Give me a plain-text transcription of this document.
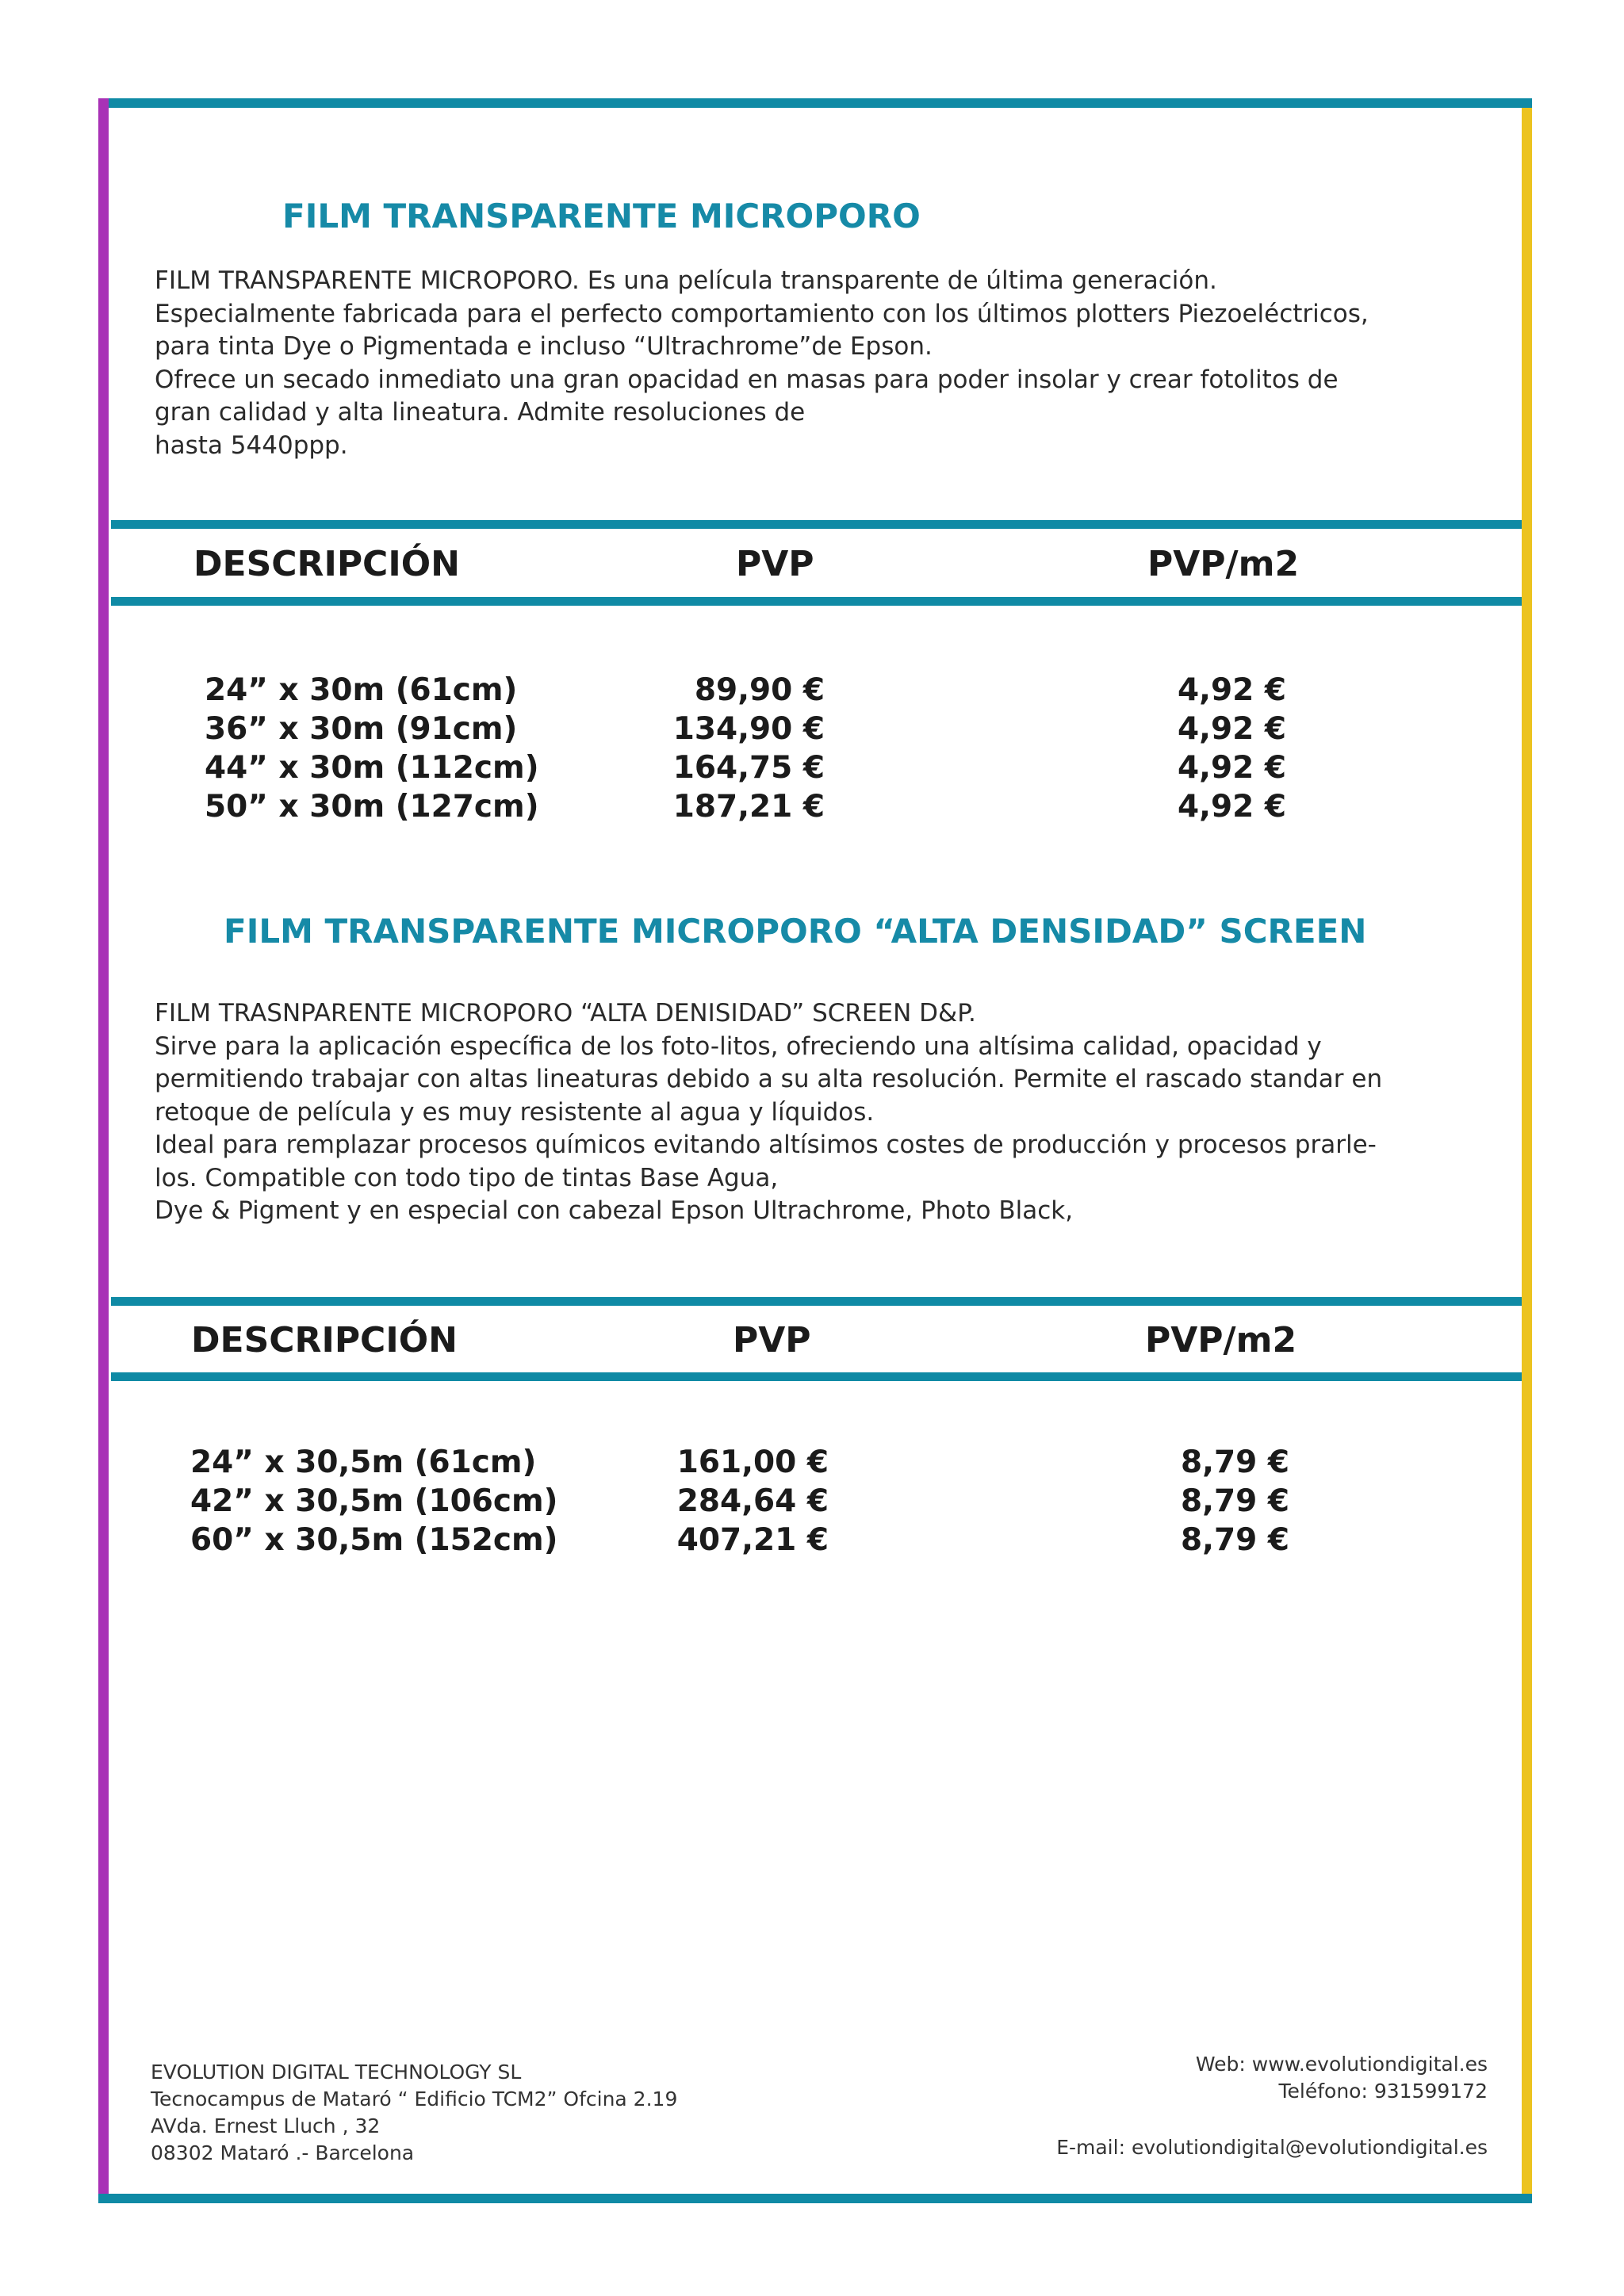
FILM TRANSPARENTE MICROPORO

FILM TRANSPARENTE MICROPORO. Es una película transparente de última generación.

Especialmente fabricada para el perfecto comportamiento con los últimos plotters Piezoeléctricos,

para tinta Dye o Pigmentada e incluso “Ultrachrome”de Epson.

Ofrece un secado inmediato una gran opacidad en masas para poder insolar y crear fotolitos de

gran calidad y alta lineatura. Admite resoluciones de

hasta 5440ppp.

DESCRIPCIÓN	PVP	PVP/m2
24” x 30m (61cm)	89,90 €	4,92 €
36” x 30m (91cm)	134,90 €	4,92 €
44” x 30m (112cm)	164,75 €	4,92 €
50” x 30m (127cm)	187,21 €	4,92 €
FILM TRANSPARENTE MICROPORO “ALTA DENSIDAD” SCREEN

FILM TRASNPARENTE MICROPORO “ALTA DENISIDAD” SCREEN D&P.

Sirve para la aplicación específica de los foto-litos, ofreciendo una altísima calidad, opacidad y

permitiendo trabajar con altas lineaturas debido a su alta resolución. Permite el rascado standar en

retoque de película y es muy resistente al agua y líquidos.

Ideal para remplazar procesos químicos evitando altísimos costes de producción y procesos prarle-

los. Compatible con todo tipo de tintas Base Agua,

Dye & Pigment y en especial con cabezal Epson Ultrachrome, Photo Black,

DESCRIPCIÓN	PVP	PVP/m2
24” x 30,5m (61cm)	161,00 €	8,79 €
42” x 30,5m (106cm)	284,64 €	8,79 €
60” x 30,5m (152cm)	407,21 €	8,79 €

EVOLUTION DIGITAL TECHNOLOGY SL

Tecnocampus de Mataró “ Edificio TCM2” Ofcina 2.19

AVda. Ernest Lluch , 32

08302 Mataró .- Barcelona

Web: www.evolutiondigital.es

Teléfono: 931599172

E-mail: evolutiondigital@evolutiondigital.es
